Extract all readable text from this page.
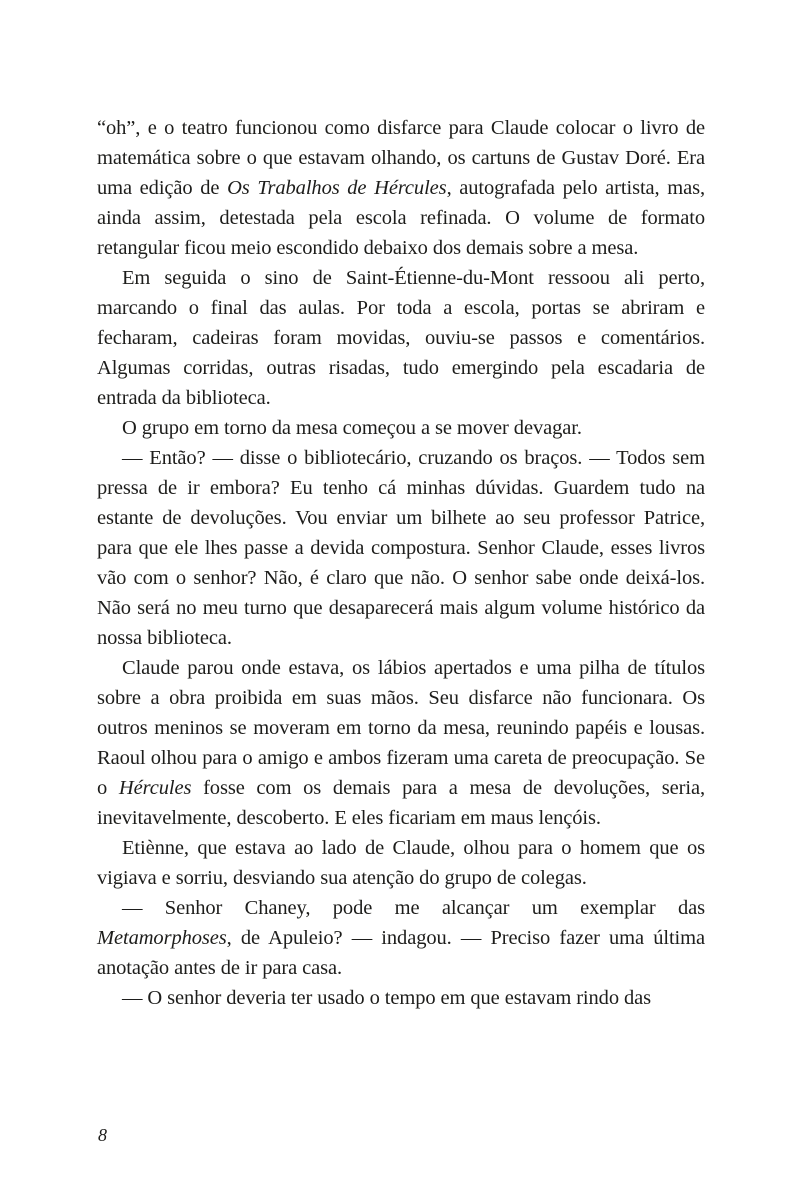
“oh”, e o teatro funcionou como disfarce para Claude colocar o livro de matemática sobre o que estavam olhando, os cartuns de Gustav Doré. Era uma edição de Os Trabalhos de Hércules, autografada pelo artista, mas, ainda assim, detestada pela escola refinada. O volume de formato retangular ficou meio escondido debaixo dos demais sobre a mesa.

Em seguida o sino de Saint-Étienne-du-Mont ressoou ali perto, marcando o final das aulas. Por toda a escola, portas se abriram e fecharam, cadeiras foram movidas, ouviu-se passos e comentários. Algumas corridas, outras risadas, tudo emergindo pela escadaria de entrada da biblioteca.

O grupo em torno da mesa começou a se mover devagar.

— Então? — disse o bibliotecário, cruzando os braços. — Todos sem pressa de ir embora? Eu tenho cá minhas dúvidas. Guardem tudo na estante de devoluções. Vou enviar um bilhete ao seu professor Patrice, para que ele lhes passe a devida compostura. Senhor Claude, esses livros vão com o senhor? Não, é claro que não. O senhor sabe onde deixá-los. Não será no meu turno que desaparecerá mais algum volume histórico da nossa biblioteca.

Claude parou onde estava, os lábios apertados e uma pilha de títulos sobre a obra proibida em suas mãos. Seu disfarce não funcionara. Os outros meninos se moveram em torno da mesa, reunindo papéis e lousas. Raoul olhou para o amigo e ambos fizeram uma careta de preocupação. Se o Hércules fosse com os demais para a mesa de devoluções, seria, inevitavelmente, descoberto. E eles ficariam em maus lençóis.

Etiènne, que estava ao lado de Claude, olhou para o homem que os vigiava e sorriu, desviando sua atenção do grupo de colegas.

— Senhor Chaney, pode me alcançar um exemplar das Metamorphoses, de Apuleio? — indagou. — Preciso fazer uma última anotação antes de ir para casa.

— O senhor deveria ter usado o tempo em que estavam rindo das

8
